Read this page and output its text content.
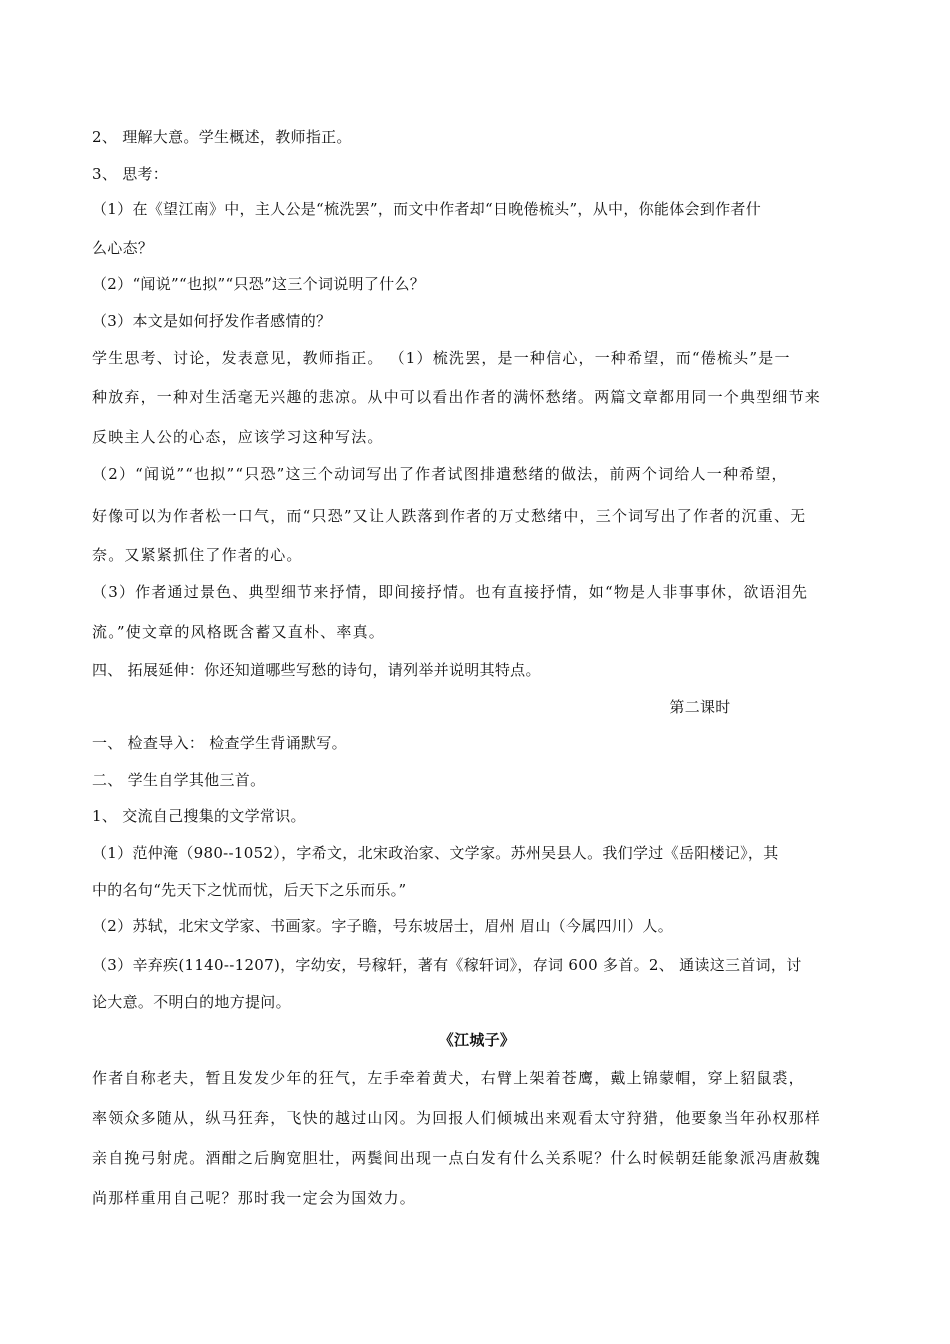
2、 理解大意。学生概述，教师指正。
3、 思考：
（1）在《望江南》中，主人公是“梳洗罢”，而文中作者却“日晚倦梳头”，从中，你能体会到作者什
么心态？
（2）“闻说”“也拟”“只恐”这三个词说明了什么？
（3）本文是如何抒发作者感情的？
学生思考、讨论，发表意见，教师指正。 （1）梳洗罢，是一种信心，一种希望，而“倦梳头”是一
种放弃，一种对生活毫无兴趣的悲凉。从中可以看出作者的满怀愁绪。两篇文章都用同一个典型细节来
反映主人公的心态，应该学习这种写法。
（2）“闻说”“也拟”“只恐”这三个动词写出了作者试图排遣愁绪的做法，前两个词给人一种希望，
好像可以为作者松一口气，而“只恐”又让人跌落到作者的万丈愁绪中，三个词写出了作者的沉重、无
奈。又紧紧抓住了作者的心。
（3）作者通过景色、典型细节来抒情，即间接抒情。也有直接抒情，如“物是人非事事休，欲语泪先
流。”使文章的风格既含蓄又直朴、率真。
四、 拓展延伸：你还知道哪些写愁的诗句，请列举并说明其特点。
第二课时
一、 检查导入： 检查学生背诵默写。
二、 学生自学其他三首。
1、 交流自己搜集的文学常识。
（1）范仲淹（980--1052），字希文，北宋政治家、文学家。苏州吴县人。我们学过《岳阳楼记》，其
中的名句“先天下之忧而忧，后天下之乐而乐。”
（2）苏轼，北宋文学家、书画家。字子瞻，号东坡居士，眉州 眉山（今属四川）人。
（3）辛弃疾(1140--1207)，字幼安，号稼轩，著有《稼轩词》，存词 600 多首。2、 通读这三首词，讨
论大意。不明白的地方提问。
《江城子》
作者自称老夫，暂且发发少年的狂气，左手牵着黄犬，右臂上架着苍鹰，戴上锦蒙帽，穿上貂鼠裘，
率领众多随从，纵马狂奔，飞快的越过山冈。为回报人们倾城出来观看太守狩猎，他要象当年孙权那样
亲自挽弓射虎。酒酣之后胸宽胆壮，两鬓间出现一点白发有什么关系呢？什么时候朝廷能象派冯唐赦魏
尚那样重用自己呢？那时我一定会为国效力。
